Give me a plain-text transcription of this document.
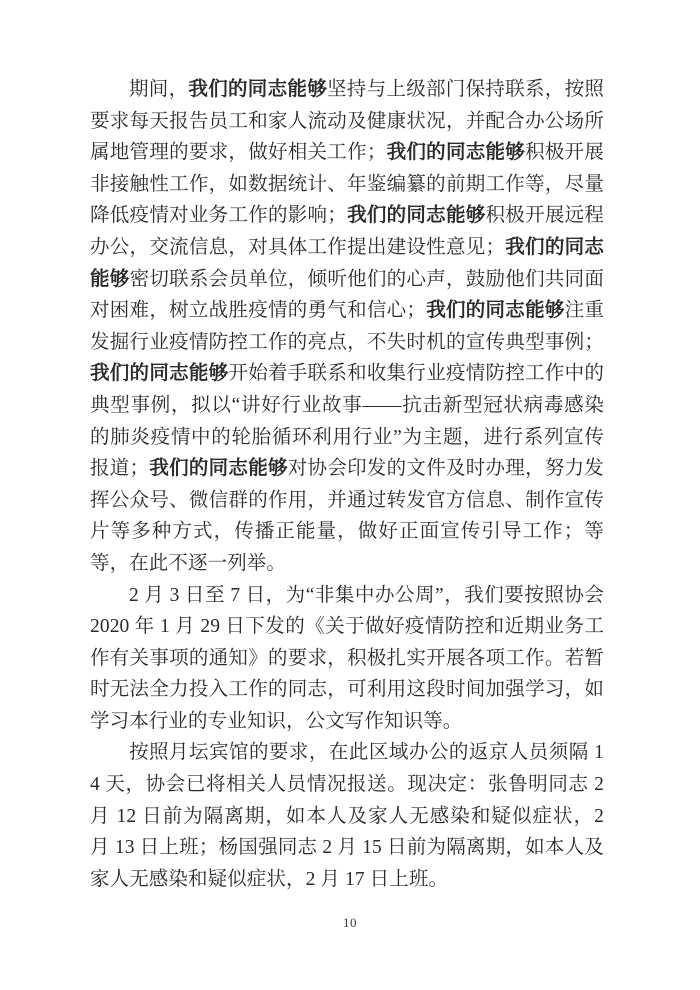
期间，我们的同志能够坚持与上级部门保持联系，按照要求每天报告员工和家人流动及健康状况，并配合办公场所属地管理的要求，做好相关工作；我们的同志能够积极开展非接触性工作，如数据统计、年鉴编纂的前期工作等，尽量降低疫情对业务工作的影响；我们的同志能够积极开展远程办公，交流信息，对具体工作提出建设性意见；我们的同志能够密切联系会员单位，倾听他们的心声，鼓励他们共同面对困难，树立战胜疫情的勇气和信心；我们的同志能够注重发掘行业疫情防控工作的亮点，不失时机的宣传典型事例；我们的同志能够开始着手联系和收集行业疫情防控工作中的典型事例，拟以“讲好行业故事——抗击新型冠状病毒感染的肺炎疫情中的轮胎循环利用行业”为主题，进行系列宣传报道；我们的同志能够对协会印发的文件及时办理，努力发挥公众号、微信群的作用，并通过转发官方信息、制作宣传片等多种方式，传播正能量，做好正面宣传引导工作；等等，在此不逐一列举。

2 月 3 日至 7 日，为“非集中办公周”，我们要按照协会 2020 年 1 月 29 日下发的《关于做好疫情防控和近期业务工作有关事项的通知》的要求，积极扎实开展各项工作。若暂时无法全力投入工作的同志，可利用这段时间加强学习，如学习本行业的专业知识，公文写作知识等。

按照月坛宾馆的要求，在此区域办公的返京人员须隔 14 天，协会已将相关人员情况报送。现决定：张鲁明同志 2 月 12 日前为隔离期，如本人及家人无感染和疑似症状，2 月 13 日上班；杨国强同志 2 月 15 日前为隔离期，如本人及家人无感染和疑似症状，2 月 17 日上班。

10
